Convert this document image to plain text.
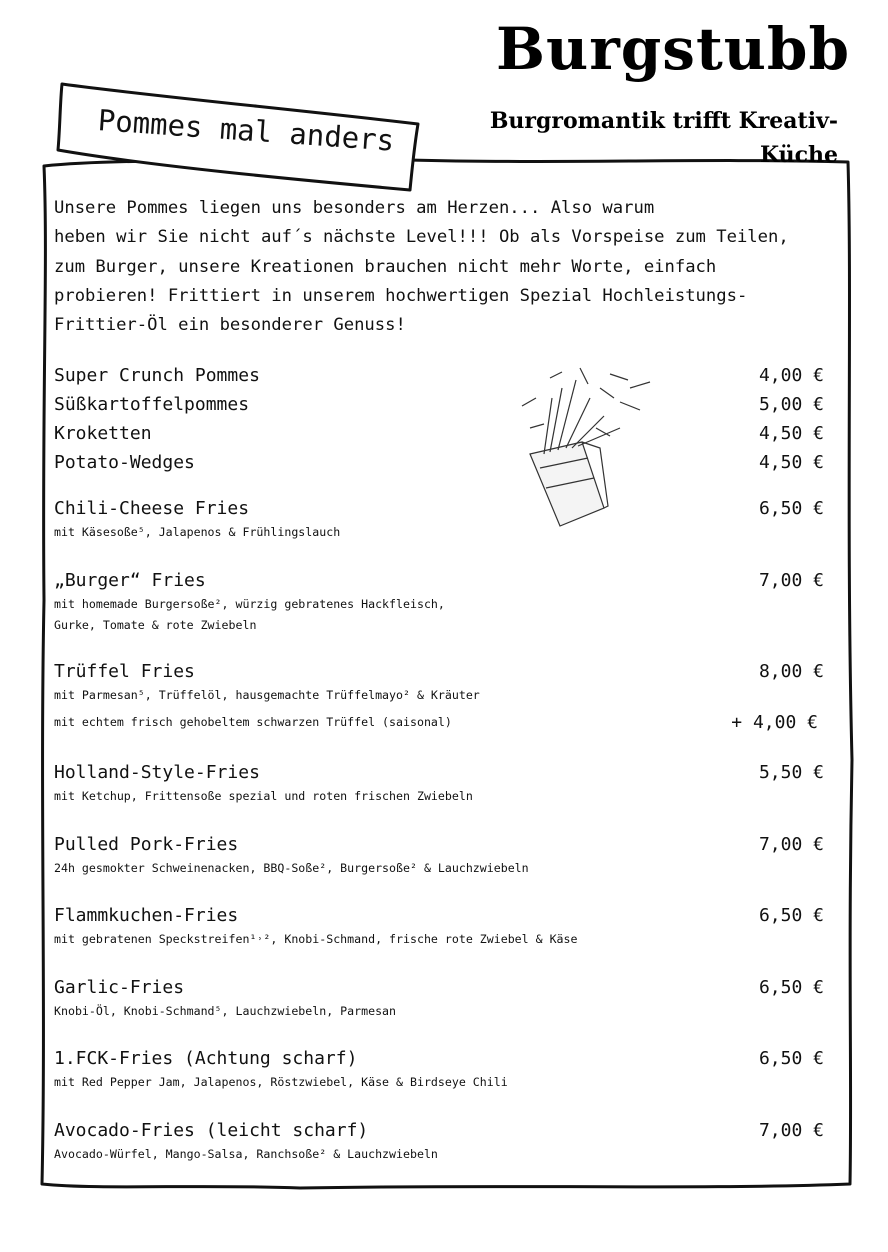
Burgstubb
Burgromantik trifft Kreativ-Küche
Pommes mal anders
Unsere Pommes liegen uns besonders am Herzen... Also warum
heben wir Sie nicht auf´s nächste Level!!! Ob als Vorspeise zum Teilen,
zum Burger, unsere Kreationen brauchen nicht mehr Worte, einfach
probieren! Frittiert in unserem hochwertigen Spezial Hochleistungs-
Frittier-Öl ein besonderer Genuss!
Super Crunch Pommes	4,00 €
Süßkartoffelpommes	5,00 €
Kroketten	4,50 €
Potato-Wedges	4,50 €
Chili-Cheese Fries	6,50 €
mit Käsesoße⁵, Jalapenos & Frühlingslauch
„Burger“ Fries	7,00 €
mit homemade Burgersoße², würzig gebratenes Hackfleisch,
Gurke, Tomate & rote Zwiebeln
Trüffel Fries	8,00 €
mit Parmesan⁵, Trüffelöl, hausgemachte Trüffelmayo² & Kräuter
mit echtem frisch gehobeltem schwarzen Trüffel (saisonal)	+ 4,00 €
Holland-Style-Fries	5,50 €
mit Ketchup, Frittensoße spezial und roten frischen Zwiebeln
Pulled Pork-Fries	7,00 €
24h gesmokter Schweinenacken, BBQ-Soße², Burgersoße² & Lauchzwiebeln
Flammkuchen-Fries	6,50 €
mit gebratenen Speckstreifen¹˒², Knobi-Schmand, frische rote Zwiebel & Käse
Garlic-Fries	6,50 €
Knobi-Öl, Knobi-Schmand⁵, Lauchzwiebeln, Parmesan
1.FCK-Fries (Achtung scharf)	6,50 €
mit Red Pepper Jam, Jalapenos, Röstzwiebel, Käse & Birdseye Chili
Avocado-Fries (leicht scharf)	7,00 €
Avocado-Würfel, Mango-Salsa, Ranchsoße² & Lauchzwiebeln
